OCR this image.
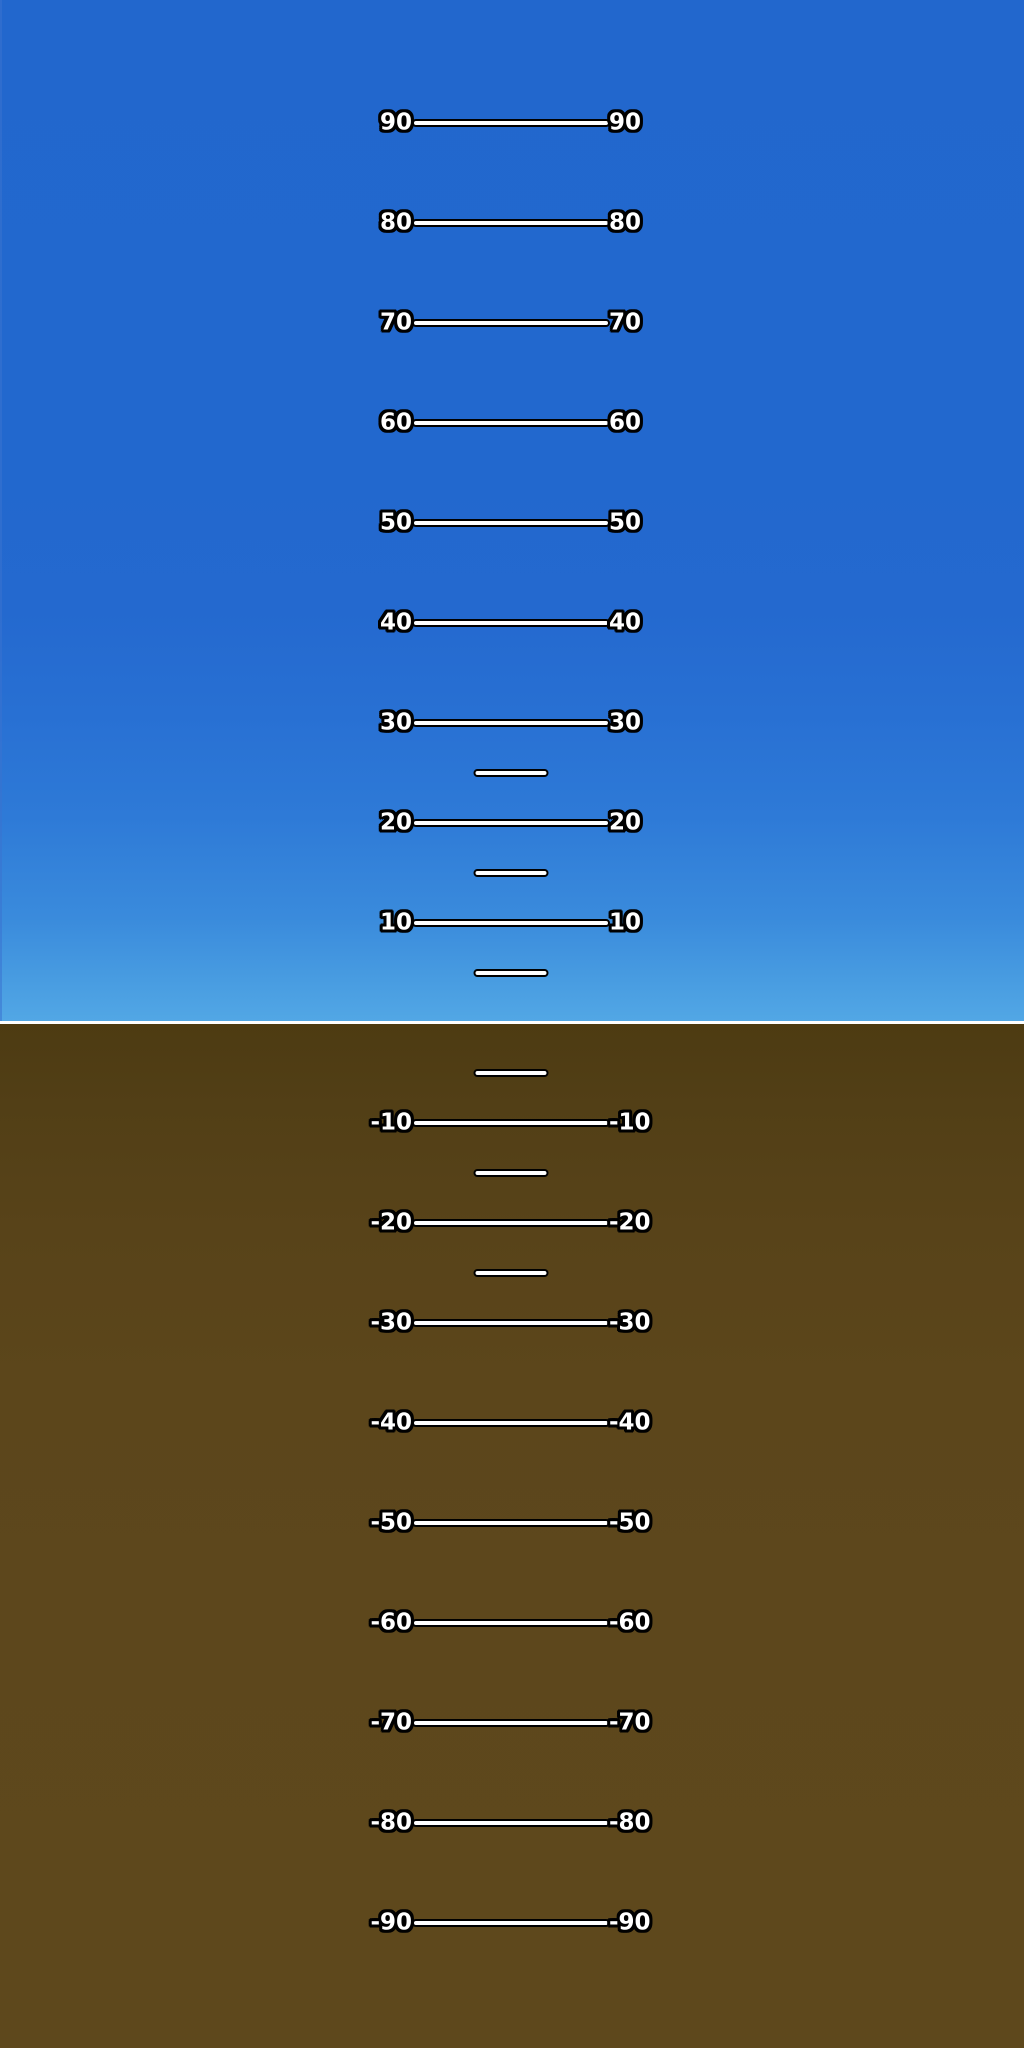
90	90
80	80
70	70
60	60
50	50
40	40
30	30
20	20
10	10
-10	-10
-20	-20
-30	-30
-40	-40
-50	-50
-60	-60
-70	-70
-80	-80
-90	-90
